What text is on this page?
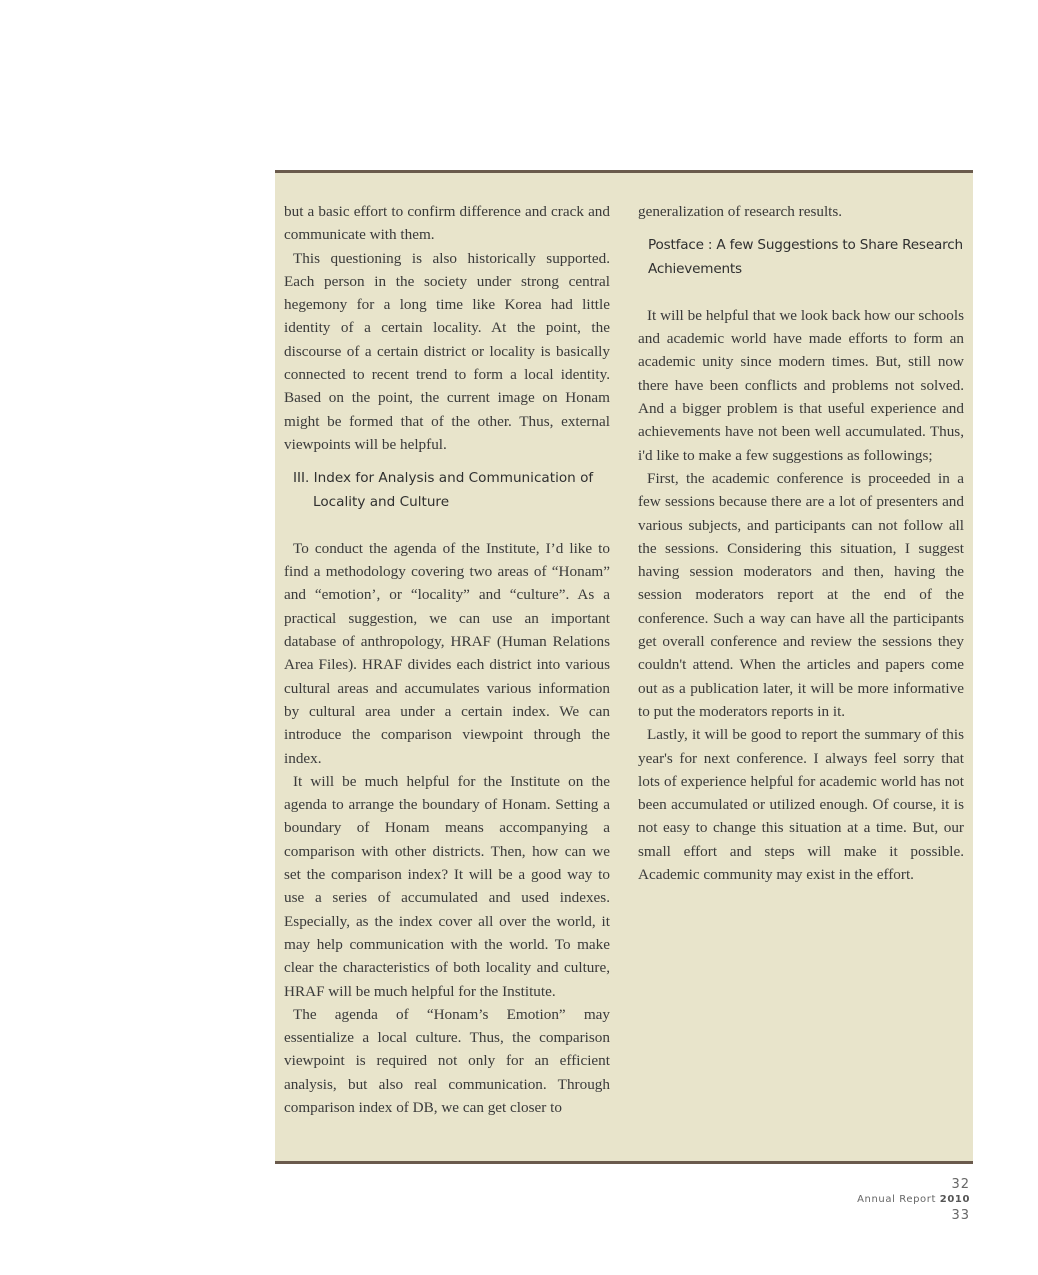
but a basic effort to confirm difference and crack and communicate with them.

This questioning is also historically supported. Each person in the society under strong central hegemony for a long time like Korea had little identity of a certain locality. At the point, the discourse of a certain district or locality is basically connected to recent trend to form a local identity. Based on the point, the current image on Honam might be formed that of the other. Thus, external viewpoints will be helpful.

III. Index for Analysis and Communication of Locality and Culture

To conduct the agenda of the Institute, I’d like to find a methodology covering two areas of “Honam” and “emotion’, or “locality” and “culture”. As a practical suggestion, we can use an important database of anthropology, HRAF (Human Relations Area Files). HRAF divides each district into various cultural areas and accumulates various information by cultural area under a certain index. We can introduce the comparison viewpoint through the index.

It will be much helpful for the Institute on the agenda to arrange the boundary of Honam. Setting a boundary of Honam means accompanying a comparison with other districts. Then, how can we set the comparison index? It will be a good way to use a series of accumulated and used indexes. Especially, as the index cover all over the world, it may help communication with the world. To make clear the characteristics of both locality and culture, HRAF will be much helpful for the Institute.

The agenda of “Honam’s Emotion” may essentialize a local culture. Thus, the comparison viewpoint is required not only for an efficient analysis, but also real communication. Through comparison index of DB, we can get closer to

generalization of research results.

Postface : A few Suggestions to Share Research Achievements

It will be helpful that we look back how our schools and academic world have made efforts to form an academic unity since modern times. But, still now there have been conflicts and problems not solved. And a bigger problem is that useful experience and achievements have not been well accumulated. Thus, i'd like to make a few suggestions as followings;

First, the academic conference is proceeded in a few sessions because there are a lot of presenters and various subjects, and participants can not follow all the sessions. Considering this situation, I suggest having session moderators and then, having the session moderators report at the end of the conference. Such a way can have all the participants get overall conference and review the sessions they couldn't attend. When the articles and papers come out as a publication later, it will be more informative to put the moderators reports in it.

Lastly, it will be good to report the summary of this year's for next conference. I always feel sorry that lots of experience helpful for academic world has not been accumulated or utilized enough. Of course, it is not easy to change this situation at a time. But, our small effort and steps will make it possible. Academic community may exist in the effort.

32
Annual Report 2010
33
